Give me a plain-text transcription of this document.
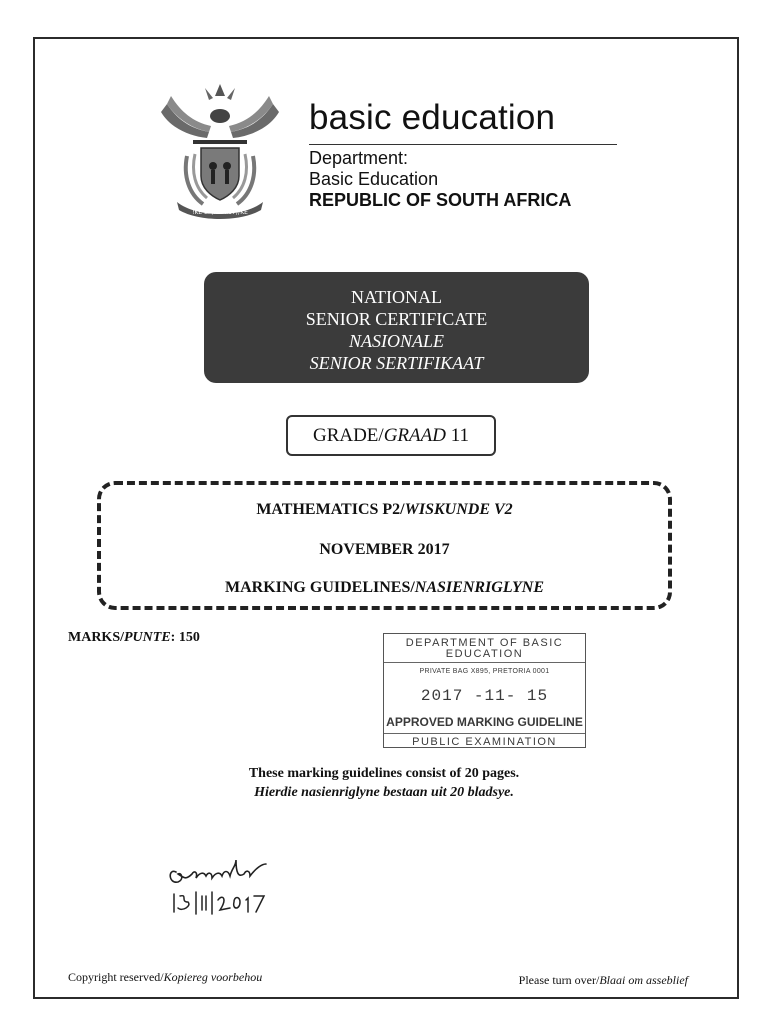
!KE E: /XARRA //KE
basic education
Department:
Basic Education
REPUBLIC OF SOUTH AFRICA
NATIONAL
SENIOR CERTIFICATE
NASIONALE
SENIOR SERTIFIKAAT
GRADE/GRAAD 11
MATHEMATICS P2/WISKUNDE V2
NOVEMBER 2017
MARKING GUIDELINES/NASIENRIGLYNE
MARKS/PUNTE: 150	DEPARTMENT OF BASIC
EDUCATION
PRIVATE BAG X895, PRETORIA 0001
2017 -11- 15
APPROVED MARKING GUIDELINE
PUBLIC EXAMINATION
These marking guidelines consist of 20 pages.
Hierdie nasienriglyne bestaan uit 20 bladsye.
Copyright reserved/Kopiereg voorbehou	Please turn over/Blaai om asseblief
